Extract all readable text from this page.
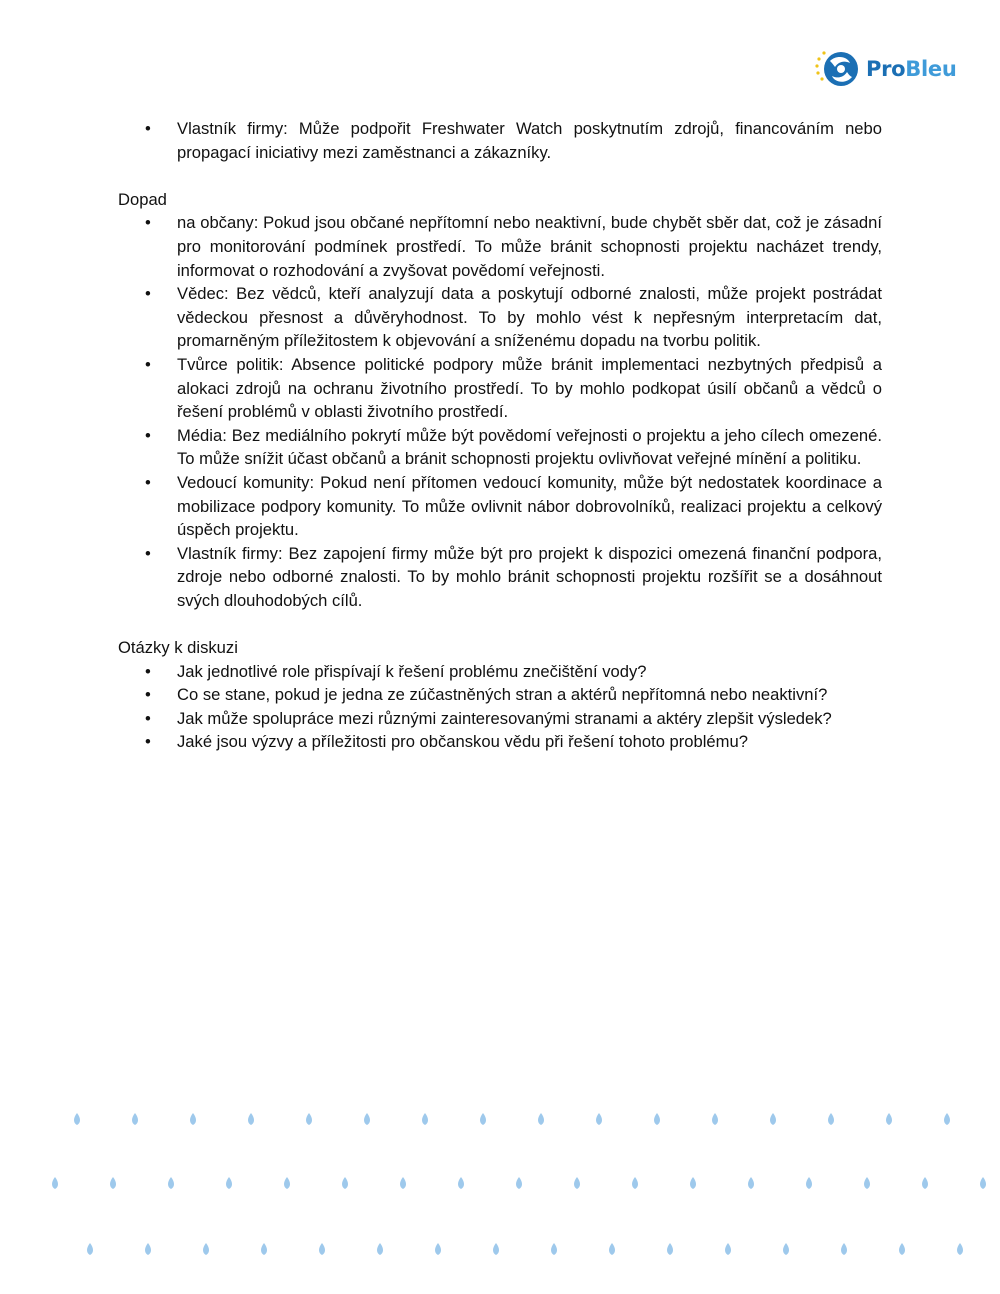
ProBleu
• Vlastník firmy: Může podpořit Freshwater Watch poskytnutím zdrojů, financováním nebo propagací iniciativy mezi zaměstnanci a zákazníky.

Dopad

• na občany: Pokud jsou občané nepřítomní nebo neaktivní, bude chybět sběr dat, což je zásadní pro monitorování podmínek prostředí. To může bránit schopnosti projektu nacházet trendy, informovat o rozhodování a zvyšovat povědomí veřejnosti.
• Vědec: Bez vědců, kteří analyzují data a poskytují odborné znalosti, může projekt postrádat vědeckou přesnost a důvěryhodnost. To by mohlo vést k nepřesným interpretacím dat, promarněným příležitostem k objevování a sníženému dopadu na tvorbu politik.
• Tvůrce politik: Absence politické podpory může bránit implementaci nezbytných předpisů a alokaci zdrojů na ochranu životního prostředí. To by mohlo podkopat úsilí občanů a vědců o řešení problémů v oblasti životního prostředí.
• Média: Bez mediálního pokrytí může být povědomí veřejnosti o projektu a jeho cílech omezené. To může snížit účast občanů a bránit schopnosti projektu ovlivňovat veřejné mínění a politiku.
• Vedoucí komunity: Pokud není přítomen vedoucí komunity, může být nedostatek koordinace a mobilizace podpory komunity. To může ovlivnit nábor dobrovolníků, realizaci projektu a celkový úspěch projektu.
• Vlastník firmy: Bez zapojení firmy může být pro projekt k dispozici omezená finanční podpora, zdroje nebo odborné znalosti. To by mohlo bránit schopnosti projektu rozšířit se a dosáhnout svých dlouhodobých cílů.

Otázky k diskuzi

• Jak jednotlivé role přispívají k řešení problému znečištění vody?
• Co se stane, pokud je jedna ze zúčastněných stran a aktérů nepřítomná nebo neaktivní?
• Jak může spolupráce mezi různými zainteresovanými stranami a aktéry zlepšit výsledek?
• Jaké jsou výzvy a příležitosti pro občanskou vědu při řešení tohoto problému?
